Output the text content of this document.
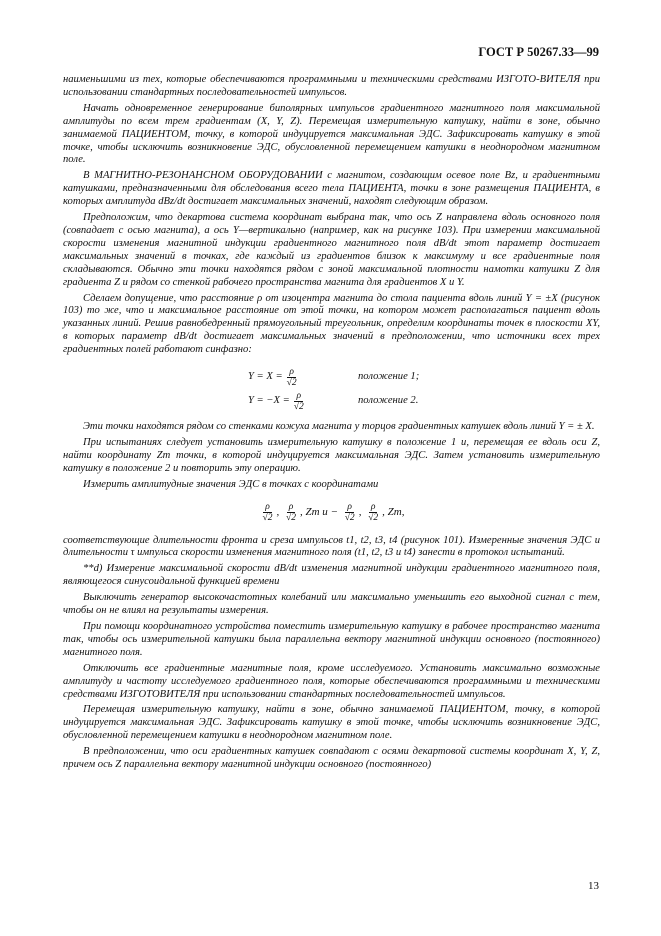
ГОСТ Р 50267.33—99

наименьшими из тех, которые обеспечиваются программными и техническими средствами ИЗГОТО-ВИТЕЛЯ при использовании стандартных последовательностей импульсов.

Начать одновременное генерирование биполярных импульсов градиентного магнитного поля максимальной амплитуды по всем трем градиентам (X, Y, Z). Перемещая измерительную катушку, найти в зоне, обычно занимаемой ПАЦИЕНТОМ, точку, в которой индуцируется максимальная ЭДС. Зафиксировать катушку в этой точке, чтобы исключить возникновение ЭДС, обусловленной перемещением катушки в неоднородном магнитном поле.

В МАГНИТНО-РЕЗОНАНСНОМ ОБОРУДОВАНИИ с магнитом, создающим осевое поле Bz, и градиентными катушками, предназначенными для обследования всего тела ПАЦИЕНТА, точки в зоне размещения ПАЦИЕНТА, в которых амплитуда dBz/dt достигает максимальных значений, находят следующим образом.

Предположим, что декартова система координат выбрана так, что ось Z направлена вдоль основного поля (совпадает с осью магнита), а ось Y—вертикально (например, как на рисунке 103). При измерении максимальной скорости изменения магнитной индукции градиентного магнитного поля dB/dt этот параметр достигает максимальных значений в точках, где каждый из градиентов близок к максимуму и все градиентные поля складываются. Обычно эти точки находятся рядом с зоной максимальной плотности намотки катушки Z для градиента Z и рядом со стенкой рабочего пространства магнита для градиентов X и Y.

Сделаем допущение, что расстояние ρ от изоцентра магнита до стола пациента вдоль линий Y = ±X (рисунок 103) то же, что и максимальное расстояние от этой точки, на котором может располагаться пациент вдоль указанных линий. Решив равнобедренный прямоугольный треугольник, определим координаты точек в плоскости XY, в которых параметр dB/dt достигает максимальных значений в предположении, что источники всех трех градиентных полей работают синфазно:

$Y = X = \frac{\rho}{√2}$	положение 1;
$Y = -X = \frac{\rho}{√2}$	положение 2.

Эти точки находятся рядом со стенками кожуха магнита у торцов градиентных катушек вдоль линий Y = ± X.

При испытаниях следует установить измерительную катушку в положение 1 и, перемещая ее вдоль оси Z, найти координату Zm точки, в которой индуцируется максимальная ЭДС. Затем установить измерительную катушку в положение 2 и повторить эту операцию.

Измерить амплитудные значения ЭДС в точках с координатами

$\frac{\rho}{√2}$ , $\frac{\rho}{√2}$ , Zm $и - \frac{\rho}{√2}$ , $\frac{\rho}{√2}$ , Zm,

соответствующие длительности фронта и среза импульсов t1, t2, t3, t4 (рисунок 101). Измеренные значения ЭДС и длительности τ импульса скорости изменения магнитного поля (t1, t2, t3 и t4) занести в протокол испытаний.

**d) Измерение максимальной скорости dB/dt изменения магнитной индукции градиентного магнитного поля, являющегося синусоидальной функцией времени

Выключить генератор высокочастотных колебаний или максимально уменьшить его выходной сигнал с тем, чтобы он не влиял на результаты измерения.

При помощи координатного устройства поместить измерительную катушку в рабочее пространство магнита так, чтобы ось измерительной катушки была параллельна вектору магнитной индукции основного (постоянного) магнитного поля.

Отключить все градиентные магнитные поля, кроме исследуемого. Установить максимально возможные амплитуду и частоту исследуемого градиентного поля, которые обеспечиваются программными и техническими средствами ИЗГОТОВИТЕЛЯ при использовании стандартных последовательностей импульсов.

Перемещая измерительную катушку, найти в зоне, обычно занимаемой ПАЦИЕНТОМ, точку, в которой индуцируется максимальная ЭДС. Зафиксировать катушку в этой точке, чтобы исключить возникновение ЭДС, обусловленной перемещением катушки в неоднородном магнитном поле.

В предположении, что оси градиентных катушек совпадают с осями декартовой системы координат X, Y, Z, причем ось Z параллельна вектору магнитной индукции основного (постоянного)

13
